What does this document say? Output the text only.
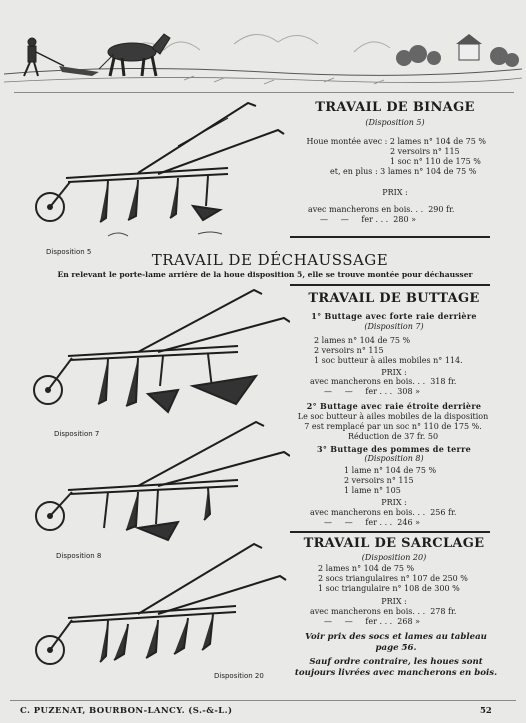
Disposition 5
TRAVAIL DE BINAGE
(Disposition 5)
Houe montée avec : 2 lames n° 104 de 75 %
2 versoirs n° 115
1 soc n° 110 de 175 %
et, en plus : 3 lames n° 104 de 75 %
PRIX :
avec mancherons en bois. . .  290 fr.
—     —     fer . . .  280 »
TRAVAIL DE DÉCHAUSSAGE
En relevant le porte-lame arrière de la houe disposition 5, elle se trouve montée pour déchausser
Disposition 7
TRAVAIL DE BUTTAGE
1° Buttage avec forte raie derrière
(Disposition 7)
2 lames n° 104 de 75 %
2 versoirs n° 115
1 soc butteur à ailes mobiles n° 114.
PRIX :
avec mancherons en bois. . .  318 fr.
—     —     fer . . .  308 »
2° Buttage avec raie étroite derrière
Le soc butteur à ailes mobiles de la disposition
7 est remplacé par un soc n° 110 de 175 %.
Réduction de 37 fr. 50
3° Buttage des pommes de terre
(Disposition 8)
1 lame n° 104 de 75 %
2 versoirs n° 115
1 lame n° 105
PRIX :
avec mancherons en bois. . .  256 fr.
—     —     fer . . .  246 »
Disposition 8
TRAVAIL DE SARCLAGE
(Disposition 20)
2 lames n° 104 de 75 %
2 socs triangulaires n° 107 de 250 %
1 soc triangulaire n° 108 de 300 %
PRIX :
avec mancherons en bois. . .  278 fr.
—     —     fer . . .  268 »
Voir prix des socs et lames au tableau page 56.
Sauf ordre contraire, les houes sont toujours livrées avec mancherons en bois.
Disposition 20
C. PUZENAT, BOURBON-LANCY. (S.-&-L.)	52
